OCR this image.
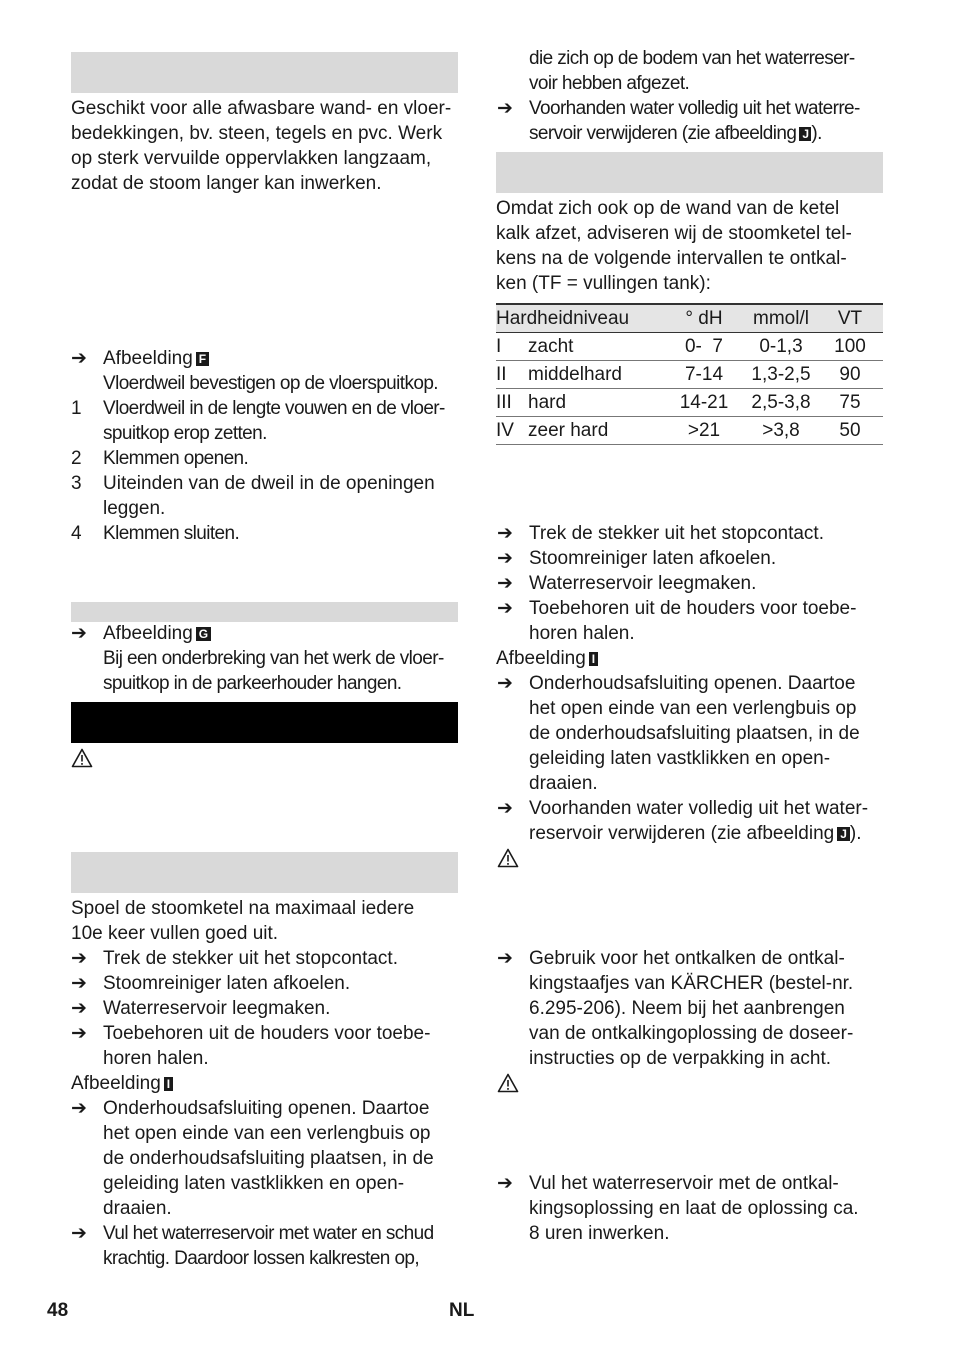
Geschikt voor alle afwasbare wand- en vloer-
bedekkingen, bv. steen, tegels en pvc. Werk
op sterk vervuilde oppervlakken langzaam,
zodat de stoom langer kan inwerken.

➔ Afbeelding F
Vloerdweil bevestigen op de vloerspuitkop.
1 Vloerdweil in de lengte vouwen en de vloer-
spuitkop erop zetten.
2 Klemmen openen.
3 Uiteinden van de dweil in de openingen
leggen.
4 Klemmen sluiten.
➔ Afbeelding G
Bij een onderbreking van het werk de vloer-
spuitkop in de parkeerhouder hangen.

Spoel de stoomketel na maximaal iedere
10e keer vullen goed uit.

➔ Trek de stekker uit het stopcontact.
➔ Stoomreiniger laten afkoelen.
➔ Waterreservoir leegmaken.
➔ Toebehoren uit de houders voor toebe-
horen halen.
Afbeelding I
➔ Onderhoudsafsluiting openen. Daartoe
het open einde van een verlengbuis op
de onderhoudsafsluiting plaatsen, in de
geleiding laten vastklikken en open-
draaien.
➔ Vul het waterreservoir met water en schud
krachtig. Daardoor lossen kalkresten op,
die zich op de bodem van het waterreser-
voir hebben afgezet.
➔ Voorhanden water volledig uit het waterre-
servoir verwijderen (zie afbeelding J ).

Omdat zich ook op de wand van de ketel
kalk afzet, adviseren wij de stoomketel tel-
kens na de volgende intervallen te ontkal-
ken (TF = vullingen tank):

Hardheidniveau		° dH	mmol/l	VT
I	zacht	0-  7	0-1,3	100
II	middelhard	7-14	1,3-2,5	90
III	hard	14-21	2,5-3,8	75
IV	zeer hard	>21	>3,8	50
➔ Trek de stekker uit het stopcontact.
➔ Stoomreiniger laten afkoelen.
➔ Waterreservoir leegmaken.
➔ Toebehoren uit de houders voor toebe-
horen halen.
Afbeelding I
➔ Onderhoudsafsluiting openen. Daartoe
het open einde van een verlengbuis op
de onderhoudsafsluiting plaatsen, in de
geleiding laten vastklikken en open-
draaien.
➔ Voorhanden water volledig uit het water-
reservoir verwijderen (zie afbeelding J ).
➔ Gebruik voor het ontkalken de ontkal-
kingstaafjes van KÄRCHER (bestel-nr.
6.295-206). Neem bij het aanbrengen
van de ontkalkingoplossing de doseer-
instructies op de verpakking in acht.
➔ Vul het waterreservoir met de ontkal-
kingsoplossing en laat de oplossing ca.
8 uren inwerken.
48	NL
